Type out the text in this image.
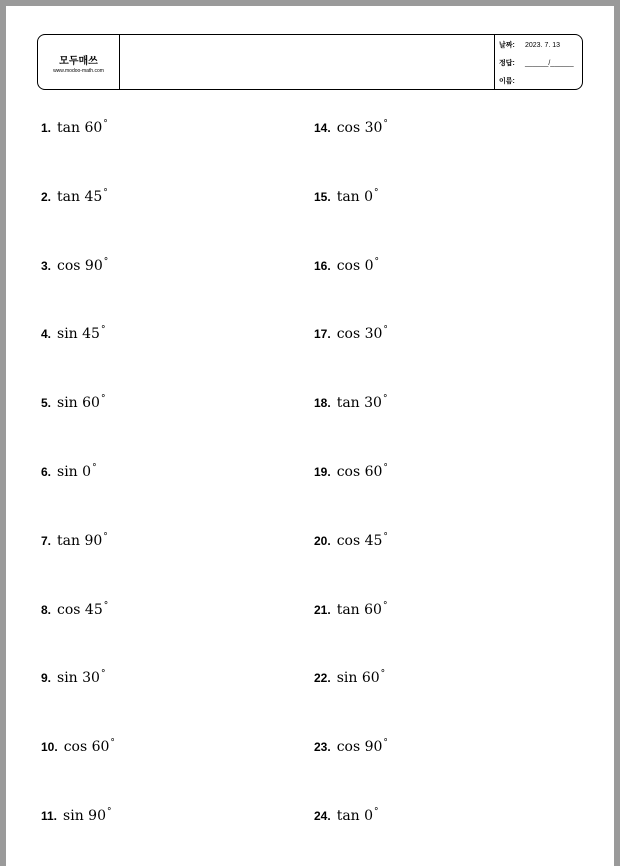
모두매쓰
www.modoo-math.com
날짜: 2023. 7. 13
정답: ______/______
이름:
1. tan 60°
2. tan 45°
3. cos 90°
4. sin 45°
5. sin 60°
6. sin 0°
7. tan 90°
8. cos 45°
9. sin 30°
10. cos 60°
11. sin 90°
14. cos 30°
15. tan 0°
16. cos 0°
17. cos 30°
18. tan 30°
19. cos 60°
20. cos 45°
21. tan 60°
22. sin 60°
23. cos 90°
24. tan 0°
